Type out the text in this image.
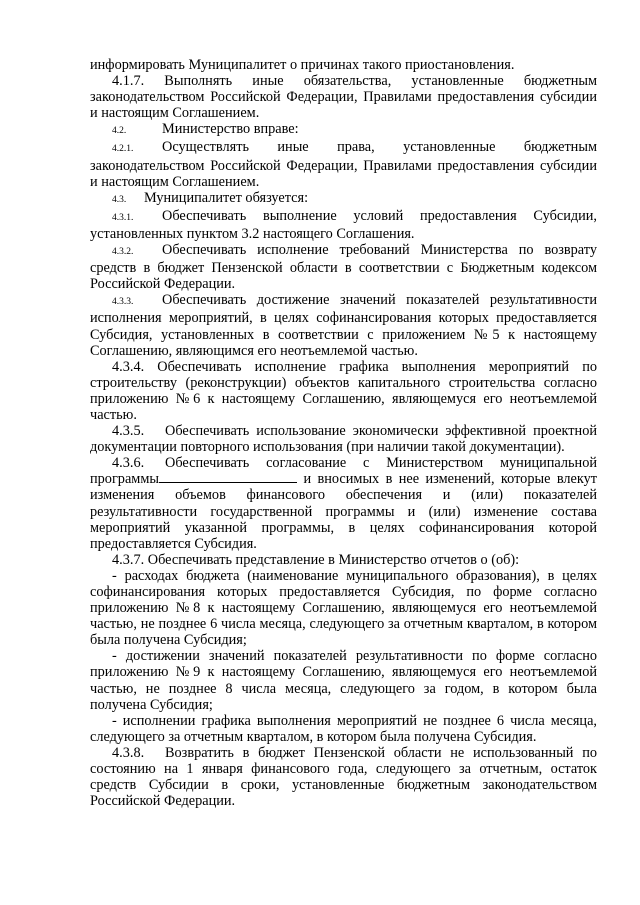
информировать Муниципалитет о причинах такого приостановления.

4.1.7. Выполнять иные обязательства, установленные бюджетным законодательством Российской Федерации, Правилами предоставления субсидии и настоящим Соглашением.

4.2.	Министерство вправе:

4.2.1. Осуществлять иные права, установленные бюджетным законодательством Российской Федерации, Правилами предоставления субсидии и настоящим Соглашением.

4.3. Муниципалитет обязуется:

4.3.1. Обеспечивать выполнение условий предоставления Субсидии, установленных пунктом 3.2 настоящего Соглашения.

4.3.2. Обеспечивать исполнение требований Министерства по возврату средств в бюджет Пензенской области в соответствии с Бюджетным кодексом Российской Федерации.

4.3.3. Обеспечивать достижение значений показателей результативности исполнения мероприятий, в целях софинансирования которых предоставляется Субсидия, установленных в соответствии с приложением №5 к настоящему Соглашению, являющимся его неотъемлемой частью.

4.3.4. Обеспечивать исполнение графика выполнения мероприятий по строительству (реконструкции) объектов капитального строительства согласно приложению №6 к настоящему Соглашению, являющемуся его неотъемлемой частью.

4.3.5. Обеспечивать использование экономически эффективной проектной документации повторного использования (при наличии такой документации).

4.3.6. Обеспечивать согласование с Министерством муниципальной программы	и вносимых в нее изменений, которые влекут изменения объемов финансового обеспечения и (или) показателей результативности государственной программы и (или) изменение состава мероприятий указанной программы, в целях софинансирования которой предоставляется Субсидия.

4.3.7. Обеспечивать представление в Министерство отчетов о (об):

- расходах бюджета (наименование муниципального образования), в целях софинансирования которых предоставляется Субсидия, по форме согласно приложению №8 к настоящему Соглашению, являющемуся его неотъемлемой частью, не позднее 6 числа месяца, следующего за отчетным кварталом, в котором была получена Субсидия;

- достижении значений показателей результативности по форме согласно приложению №9 к настоящему Соглашению, являющемуся его неотъемлемой частью, не позднее 8 числа месяца, следующего за годом, в котором была получена Субсидия;

- исполнении графика выполнения мероприятий не позднее 6 числа месяца, следующего за отчетным кварталом, в котором была получена Субсидия.

4.3.8. Возвратить в бюджет Пензенской области не использованный по состоянию на 1 января финансового года, следующего за отчетным, остаток средств Субсидии в сроки, установленные бюджетным законодательством Российской Федерации.
